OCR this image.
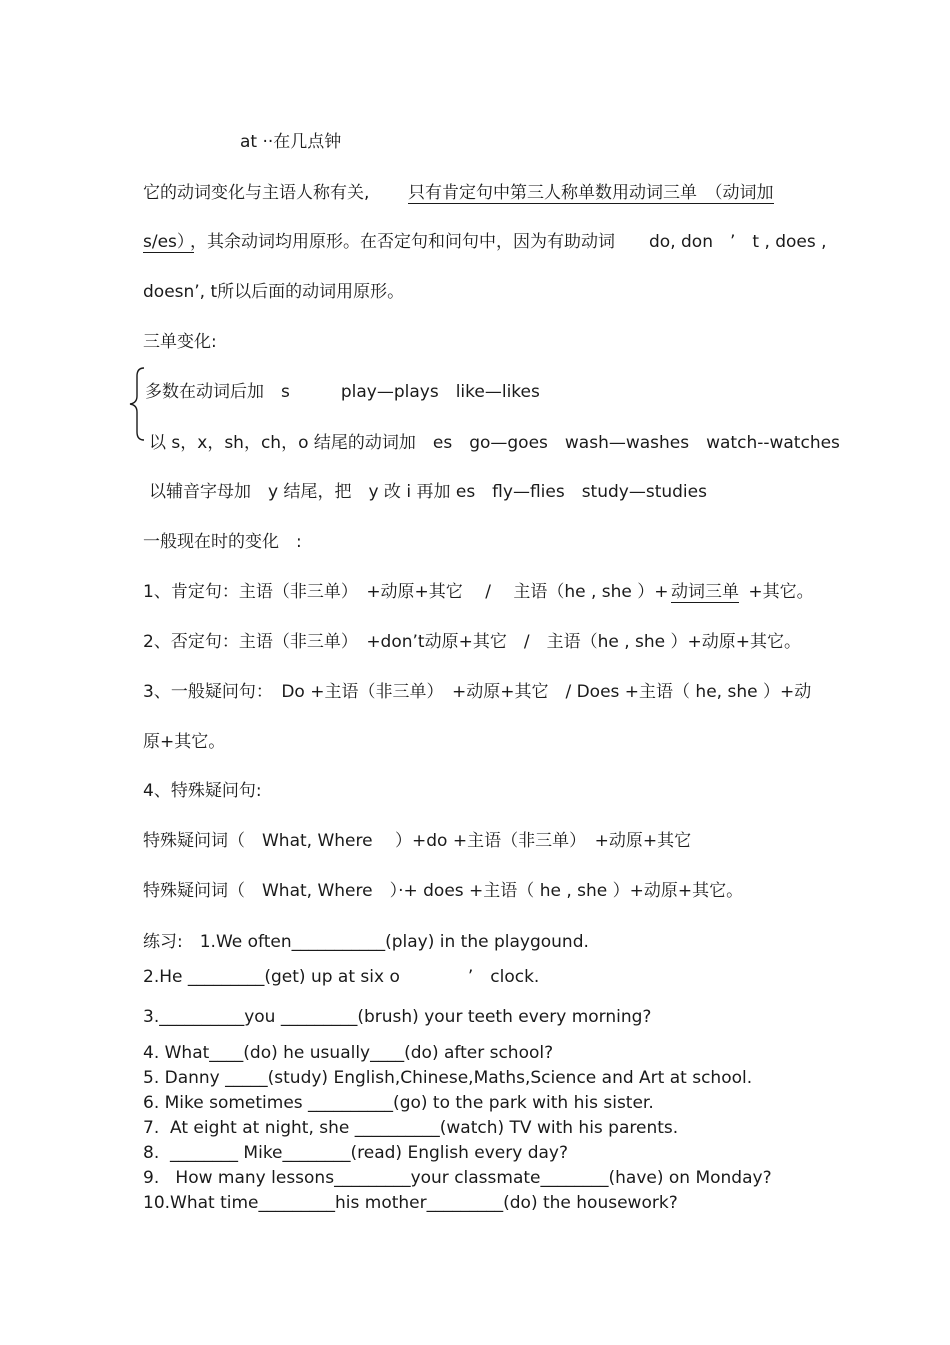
at ··在几点钟
它的动词变化与主语人称有关, 只有肯定句中第三人称单数用动词三单　（动词加
s/es）
，其余动词均用原形。在否定句和问句中，因为有助动词　　do, don　’　t , does ,
doesn’, t所以后面的动词用原形。
三单变化:
多数在动词后加　s　　　play—plays　like—likes
以 s，x，sh，ch，o 结尾的动词加　es　go—goes　wash—washes　watch--watches
以辅音字母加　y 结尾，把　y 改 i 再加 es　fly—flies　study—studies
一般现在时的变化　:
1、肯定句：主语（非三单）　+动原+其它　 /　 主语（he , she ）+ 动词三单 +其它。
2、否定句：主语（非三单）　+don’t动原+其它　/　主语（he , she ）+动原+其它。
3、一般疑问句：　Do +主语（非三单）　+动原+其它　/ Does +主语（ he, she ）+动
原+其它。
4、特殊疑问句:
特殊疑问词（　What, Where　 ）+do +主语（非三单）　+动原+其它
特殊疑问词（　What, Where　）·+ does +主语（ he , she ）+动原+其它。
练习:　1.We often___________(play) in the playgound.
2.He _________(get) up at six o　　　　’　clock.
3.__________you _________(brush) your teeth every morning?
4. What____(do) he usually____(do) after school?
5. Danny _____(study) English,Chinese,Maths,Science and Art at school.
6. Mike sometimes __________(go) to the park with his sister.
7.  At eight at night, she __________(watch) TV with his parents.
8.  ________ Mike________(read) English every day?
9.   How many lessons_________your classmate________(have) on Monday?
10.What time_________his mother_________(do) the housework?
